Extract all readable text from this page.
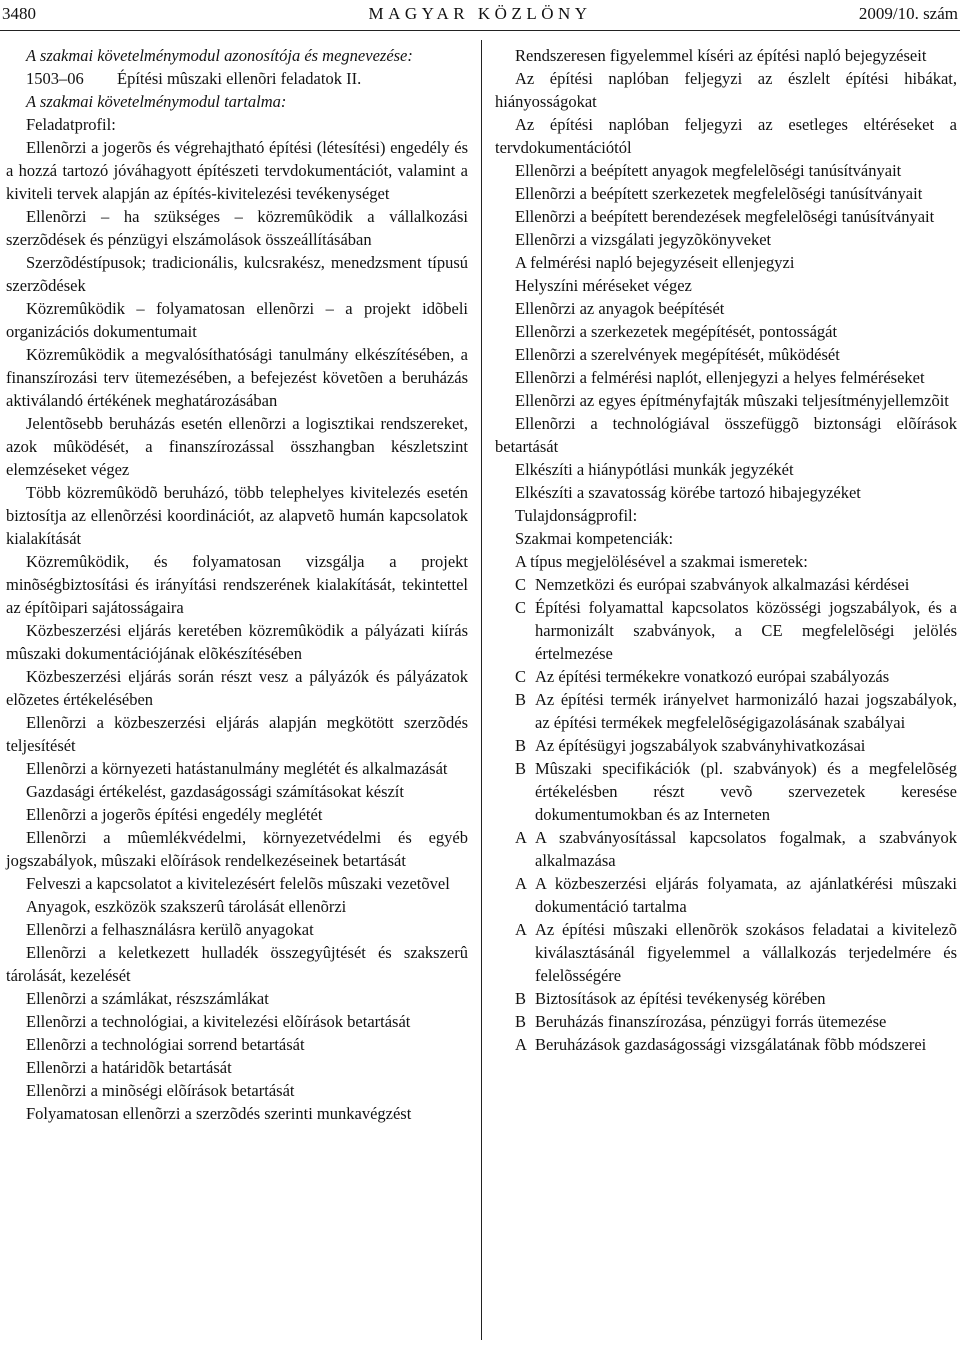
3480	MAGYAR KÖZLÖNY	2009/10. szám

A szakmai követelménymodul azonosítója és megnevezése:

1503–06 Építési mûszaki ellenõri feladatok II.

A szakmai követelménymodul tartalma:

Feladatprofil:

Ellenõrzi a jogerõs és végrehajtható építési (létesítési) engedély és a hozzá tartozó jóváhagyott építészeti tervdokumentációt, valamint a kiviteli tervek alapján az építés-kivitelezési tevékenységet

Ellenõrzi – ha szükséges – közremûködik a vállalkozási szerzõdések és pénzügyi elszámolások összeállításában

Szerzõdéstípusok; tradicionális, kulcsrakész, menedzsment típusú szerzõdések

Közremûködik – folyamatosan ellenõrzi – a projekt idõbeli organizációs dokumentumait

Közremûködik a megvalósíthatósági tanulmány elkészítésében, a finanszírozási terv ütemezésében, a befejezést követõen a beruházás aktiválandó értékének meghatározásában

Jelentõsebb beruházás esetén ellenõrzi a logisztikai rendszereket, azok mûködését, a finanszírozással összhangban készletszint elemzéseket végez

Több közremûködõ beruházó, több telephelyes kivitelezés esetén biztosítja az ellenõrzési koordinációt, az alapvetõ humán kapcsolatok kialakítását

Közremûködik, és folyamatosan vizsgálja a projekt minõségbiztosítási és irányítási rendszerének kialakítását, tekintettel az építõipari sajátosságaira

Közbeszerzési eljárás keretében közremûködik a pályázati kiírás mûszaki dokumentációjának elõkészítésében

Közbeszerzési eljárás során részt vesz a pályázók és pályázatok elõzetes értékelésében

Ellenõrzi a közbeszerzési eljárás alapján megkötött szerzõdés teljesítését

Ellenõrzi a környezeti hatástanulmány meglétét és alkalmazását

Gazdasági értékelést, gazdaságossági számításokat készít

Ellenõrzi a jogerõs építési engedély meglétét

Ellenõrzi a mûemlékvédelmi, környezetvédelmi és egyéb jogszabályok, mûszaki elõírások rendelkezéseinek betartását

Felveszi a kapcsolatot a kivitelezésért felelõs mûszaki vezetõvel

Anyagok, eszközök szakszerû tárolását ellenõrzi

Ellenõrzi a felhasználásra kerülõ anyagokat

Ellenõrzi a keletkezett hulladék összegyûjtését és szakszerû tárolását, kezelését

Ellenõrzi a számlákat, részszámlákat

Ellenõrzi a technológiai, a kivitelezési elõírások betartását

Ellenõrzi a technológiai sorrend betartását

Ellenõrzi a határidõk betartását

Ellenõrzi a minõségi elõírások betartását

Folyamatosan ellenõrzi a szerzõdés szerinti munkavégzést

Rendszeresen figyelemmel kíséri az építési napló bejegyzéseit

Az építési naplóban feljegyzi az észlelt építési hibákat, hiányosságokat

Az építési naplóban feljegyzi az esetleges eltéréseket a tervdokumentációtól

Ellenõrzi a beépített anyagok megfelelõségi tanúsítványait

Ellenõrzi a beépített szerkezetek megfelelõségi tanúsítványait

Ellenõrzi a beépített berendezések megfelelõségi tanúsítványait

Ellenõrzi a vizsgálati jegyzõkönyveket

A felmérési napló bejegyzéseit ellenjegyzi

Helyszíni méréseket végez

Ellenõrzi az anyagok beépítését

Ellenõrzi a szerkezetek megépítését, pontosságát

Ellenõrzi a szerelvények megépítését, mûködését

Ellenõrzi a felmérési naplót, ellenjegyzi a helyes felméréseket

Ellenõrzi az egyes építményfajták mûszaki teljesítményjellemzõit

Ellenõrzi a technológiával összefüggõ biztonsági elõírások betartását

Elkészíti a hiánypótlási munkák jegyzékét

Elkészíti a szavatosság körébe tartozó hibajegyzéket

Tulajdonságprofil:

Szakmai kompetenciák:

A típus megjelölésével a szakmai ismeretek:

C Nemzetközi és európai szabványok alkalmazási kérdései
C Építési folyamattal kapcsolatos közösségi jogszabályok, és a harmonizált szabványok, a CE megfelelõségi jelölés értelmezése
C Az építési termékekre vonatkozó európai szabályozás
B Az építési termék irányelvet harmonizáló hazai jogszabályok, az építési termékek megfelelõségigazolásának szabályai
B Az építésügyi jogszabályok szabványhivatkozásai
B Mûszaki specifikációk (pl. szabványok) és a megfelelõség értékelésben részt vevõ szervezetek keresése dokumentumokban és az Interneten
A A szabványosítással kapcsolatos fogalmak, a szabványok alkalmazása
A A közbeszerzési eljárás folyamata, az ajánlatkérési mûszaki dokumentáció tartalma
A Az építési mûszaki ellenõrök szokásos feladatai a kivitelezõ kiválasztásánál figyelemmel a vállalkozás terjedelmére és felelõsségére
B Biztosítások az építési tevékenység körében
B Beruházás finanszírozása, pénzügyi forrás ütemezése
A Beruházások gazdaságossági vizsgálatának fõbb módszerei
